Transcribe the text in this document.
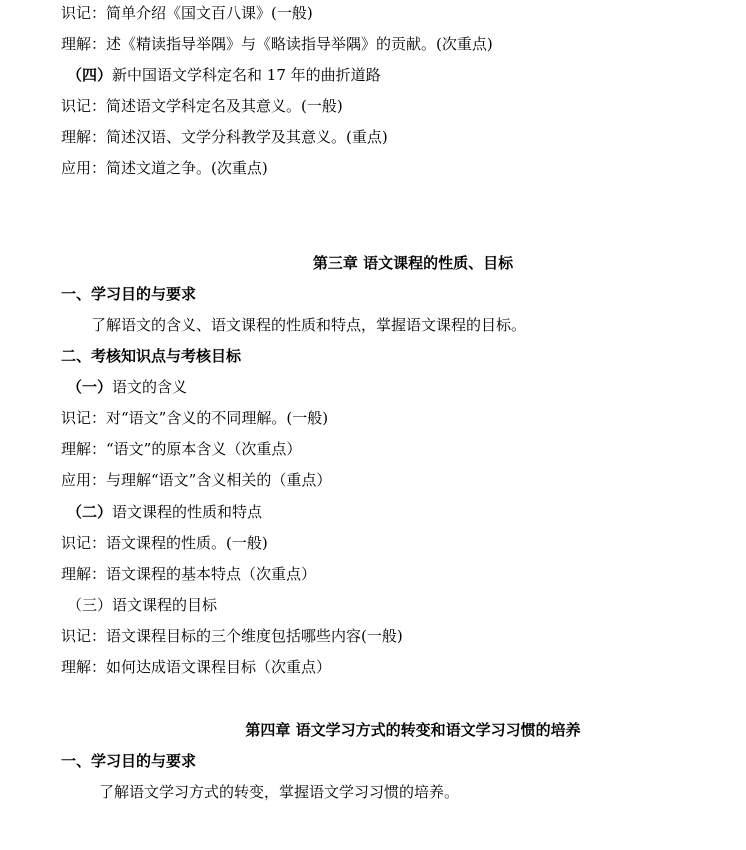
识记：简单介绍《国文百八课》(一般)
理解：述《精读指导举隅》与《略读指导举隅》的贡献。(次重点)
（四）新中国语文学科定名和 17 年的曲折道路
识记：简述语文学科定名及其意义。(一般)
理解：简述汉语、文学分科教学及其意义。(重点)
应用：简述文道之争。(次重点)
第三章 语文课程的性质、目标
一、学习目的与要求
了解语文的含义、语文课程的性质和特点，掌握语文课程的目标。
二、考核知识点与考核目标
（一）语文的含义
识记：对“语文”含义的不同理解。(一般)
理解：“语文”的原本含义（次重点）
应用：与理解“语文”含义相关的（重点）
（二）语文课程的性质和特点
识记：语文课程的性质。(一般)
理解：语文课程的基本特点（次重点）
（三）语文课程的目标
识记：语文课程目标的三个维度包括哪些内容(一般)
理解：如何达成语文课程目标（次重点）
第四章 语文学习方式的转变和语文学习习惯的培养
一、学习目的与要求
了解语文学习方式的转变，掌握语文学习习惯的培养。
